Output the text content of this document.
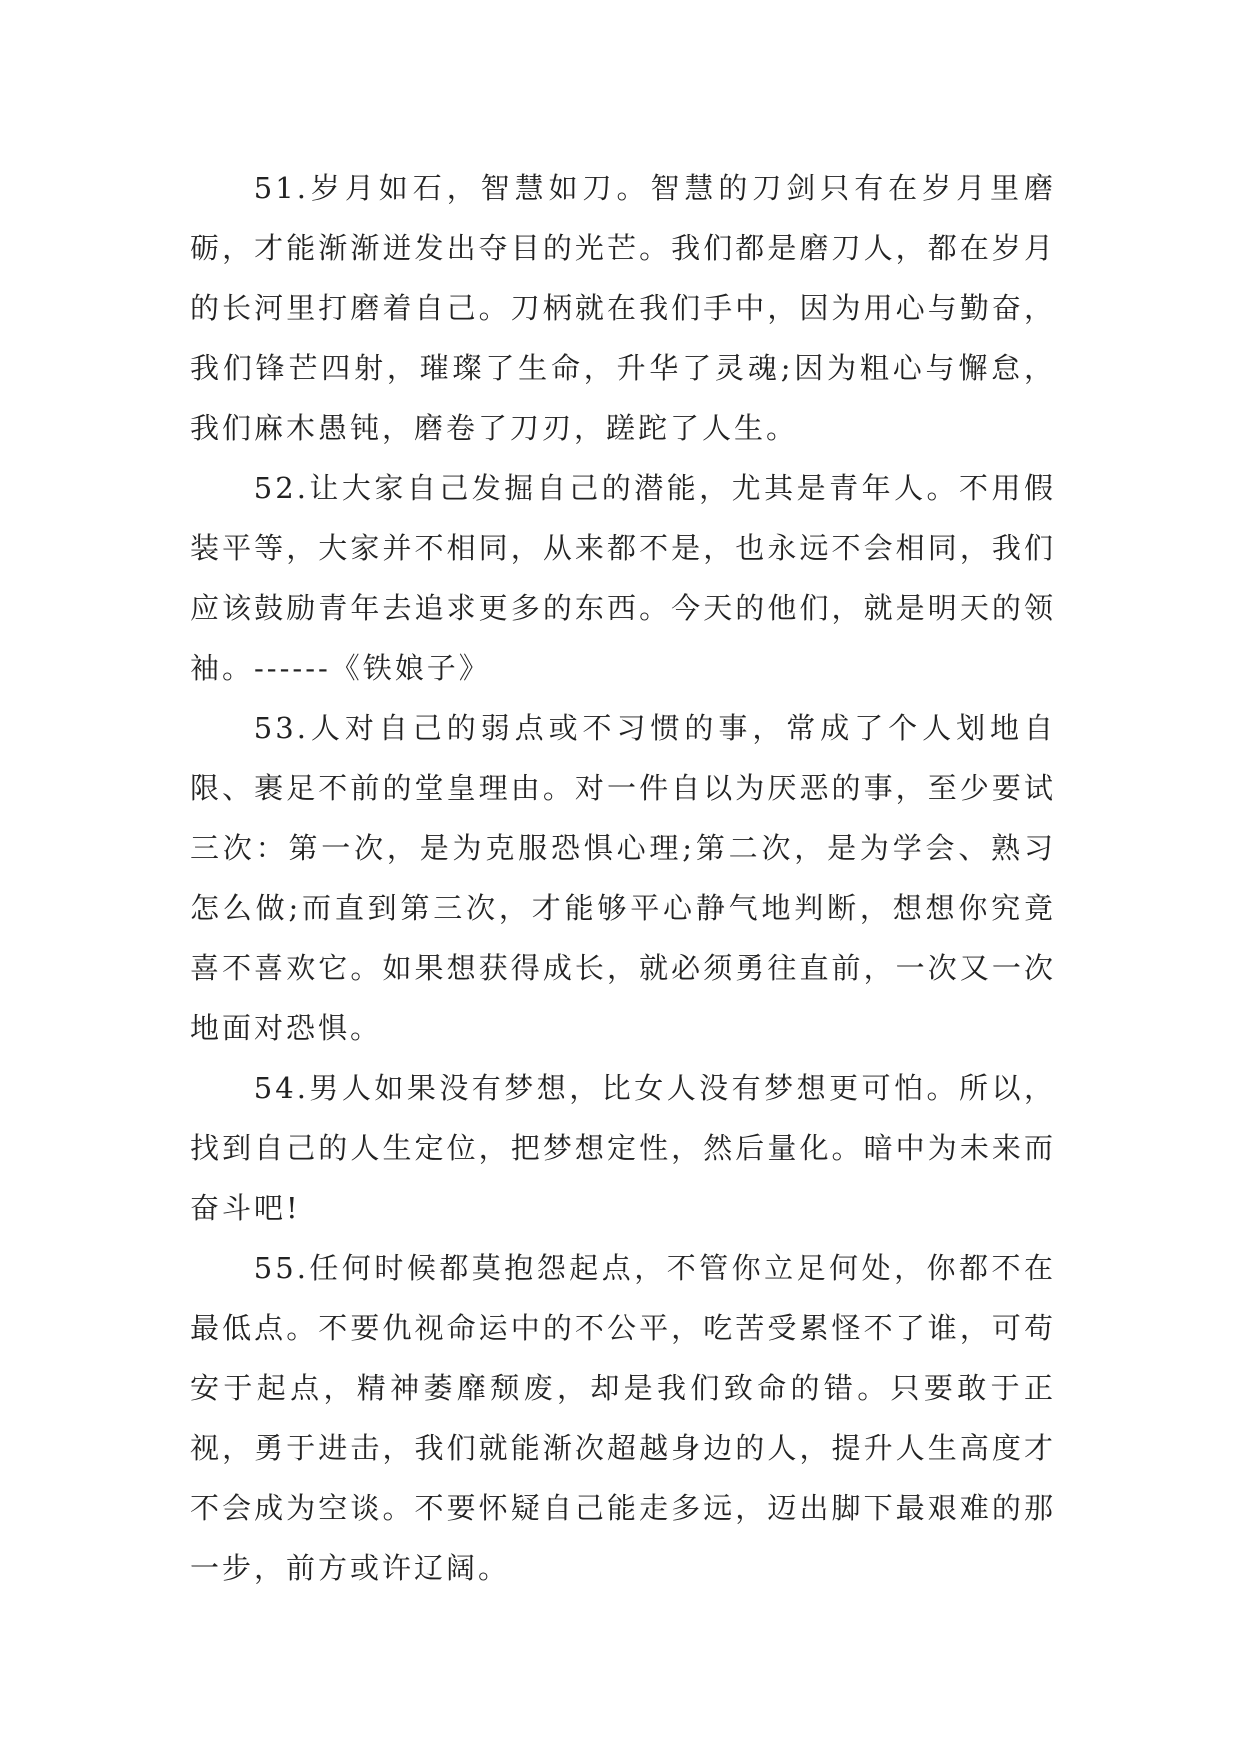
51.岁月如石，智慧如刀。智慧的刀剑只有在岁月里磨砺，才能渐渐迸发出夺目的光芒。我们都是磨刀人，都在岁月的长河里打磨着自己。刀柄就在我们手中，因为用心与勤奋，我们锋芒四射，璀璨了生命，升华了灵魂;因为粗心与懈怠，我们麻木愚钝，磨卷了刀刃，蹉跎了人生。

52.让大家自己发掘自己的潜能，尤其是青年人。不用假装平等，大家并不相同，从来都不是，也永远不会相同，我们应该鼓励青年去追求更多的东西。今天的他们，就是明天的领袖。------《铁娘子》

53.人对自己的弱点或不习惯的事，常成了个人划地自限、裹足不前的堂皇理由。对一件自以为厌恶的事，至少要试三次：第一次，是为克服恐惧心理;第二次，是为学会、熟习怎么做;而直到第三次，才能够平心静气地判断，想想你究竟喜不喜欢它。如果想获得成长，就必须勇往直前，一次又一次地面对恐惧。

54.男人如果没有梦想，比女人没有梦想更可怕。所以，找到自己的人生定位，把梦想定性，然后量化。暗中为未来而奋斗吧!

55.任何时候都莫抱怨起点，不管你立足何处，你都不在最低点。不要仇视命运中的不公平，吃苦受累怪不了谁，可苟安于起点，精神萎靡颓废，却是我们致命的错。只要敢于正视，勇于进击，我们就能渐次超越身边的人，提升人生高度才不会成为空谈。不要怀疑自己能走多远，迈出脚下最艰难的那一步，前方或许辽阔。
